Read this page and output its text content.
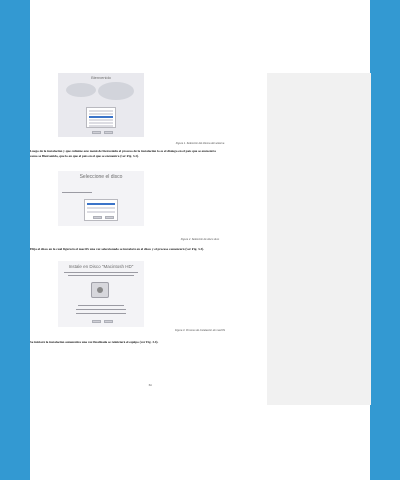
Bienvenido
Figura 1. Selección del idioma del sistema
Luego de la instalación y que culmine este menú de bienvenida el proceso de la instalación lo es el dialogo en el país que se encuentra
como se Bienvenido, que lo en que el país en el que se encuentra (ver Fig. 3.2).
Seleccione el disco
Figura 2. Selección de disco duro
Elija el disco en la cual figurará el macOS una vez seleccionado se instalará en el disco y el proceso comenzará (ver Fig. 3.3).
Instale en Disco "Macintosh HD"
Figura 3. Proceso de instalación de macOS
Se iniciará la instalación automática una vez finalizada se reiniciará el equipo (ver Fig. 3.4).
34
